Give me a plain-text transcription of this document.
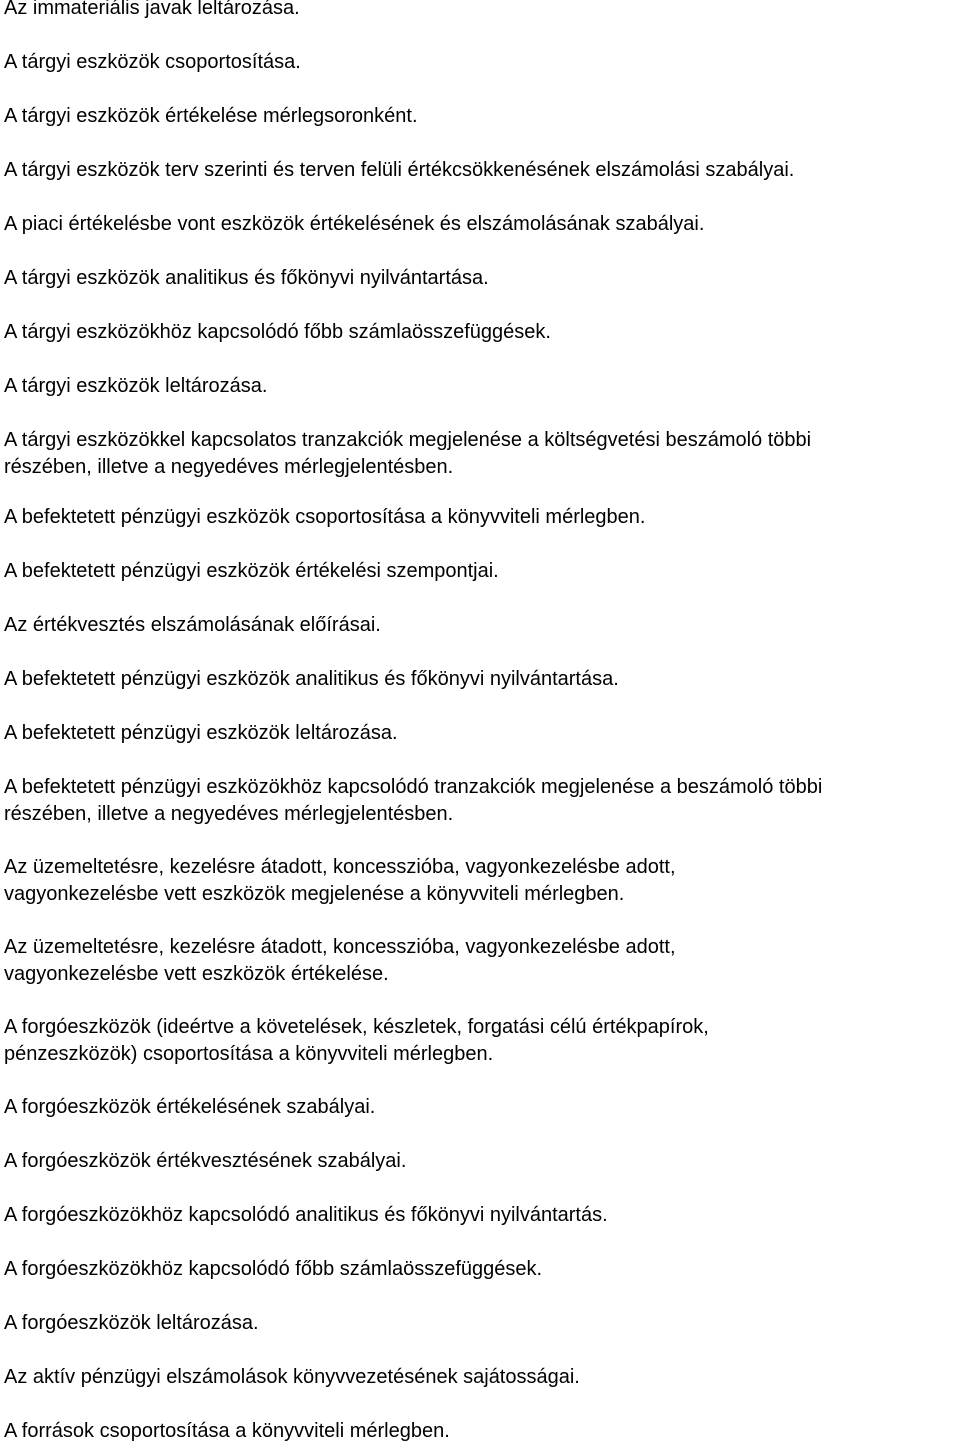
Az immateriális javak leltározása.
A tárgyi eszközök csoportosítása.
A tárgyi eszközök értékelése mérlegsoronként.
A tárgyi eszközök terv szerinti és terven felüli értékcsökkenésének elszámolási szabályai.
A piaci értékelésbe vont eszközök értékelésének és elszámolásának szabályai.
A tárgyi eszközök analitikus és főkönyvi nyilvántartása.
A tárgyi eszközökhöz kapcsolódó főbb számlaösszefüggések.
A tárgyi eszközök leltározása.
A tárgyi eszközökkel kapcsolatos tranzakciók megjelenése a költségvetési beszámoló többi
részében, illetve a negyedéves mérlegjelentésben.
A befektetett pénzügyi eszközök csoportosítása a könyvviteli mérlegben.
A befektetett pénzügyi eszközök értékelési szempontjai.
Az értékvesztés elszámolásának előírásai.
A befektetett pénzügyi eszközök analitikus és főkönyvi nyilvántartása.
A befektetett pénzügyi eszközök leltározása.
A befektetett pénzügyi eszközökhöz kapcsolódó tranzakciók megjelenése a beszámoló többi
részében, illetve a negyedéves mérlegjelentésben.
Az üzemeltetésre, kezelésre átadott, koncesszióba, vagyonkezelésbe adott,
vagyonkezelésbe vett eszközök megjelenése a könyvviteli mérlegben.
Az üzemeltetésre, kezelésre átadott, koncesszióba, vagyonkezelésbe adott,
vagyonkezelésbe vett eszközök értékelése.
A forgóeszközök (ideértve a követelések, készletek, forgatási célú értékpapírok,
pénzeszközök) csoportosítása a könyvviteli mérlegben.
A forgóeszközök értékelésének szabályai.
A forgóeszközök értékvesztésének szabályai.
A forgóeszközökhöz kapcsolódó analitikus és főkönyvi nyilvántartás.
A forgóeszközökhöz kapcsolódó főbb számlaösszefüggések.
A forgóeszközök leltározása.
Az aktív pénzügyi elszámolások könyvvezetésének sajátosságai.
A források csoportosítása a könyvviteli mérlegben.
